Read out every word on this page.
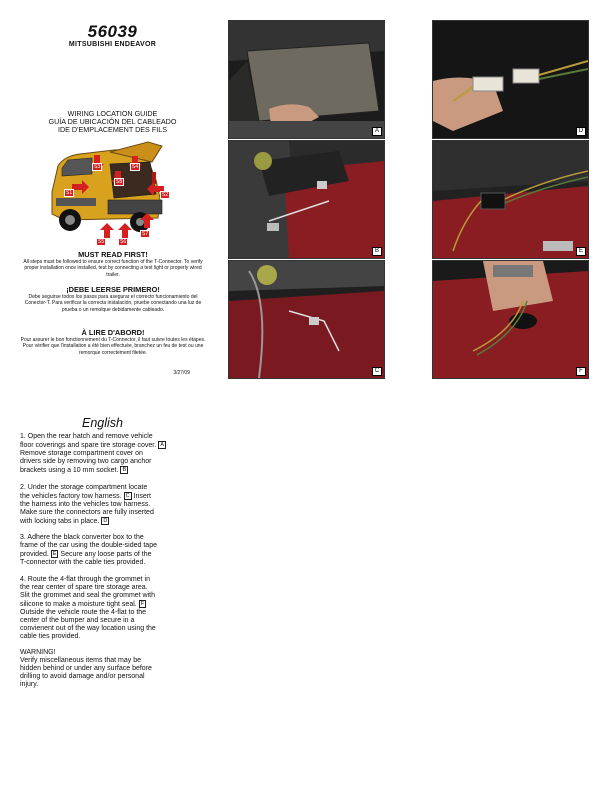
56039
MITSUBISHI ENDEAVOR
WIRING LOCATION GUIDE
GUÍA DE UBICACIÓN DEL CABLEADO
IDE D'EMPLACEMENT DES FILS
S3	S4
S8
S1	S2
S5	S6
S7
MUST READ FIRST!
All steps must be followed to ensure correct function of the T-Connector. To verify proper installation once installed, test by connecting a test light or properly wired trailer.
¡DEBE LEERSE PRIMERO!
Debe seguirse todos los pasos para asegurar el correcto funcionamiento del Conector-T. Para verificar la correcta instalación, pruebe conectando una luz de prueba o un remolque debidamente cableado.
À LIRE D'ABORD!
Pour assurer le bon fonctionnement du T-Connector, il faut suivre toutes les étapes. Pour vérifier que l'installation a été bien effectuée, branchez un feu de test ou une remorque correctement filetée.
3/27/09
English

1. Open the rear hatch and remove vehicle
floor coverings and spare tire storage cover. A
Remove storage compartment cover on
drivers side by removing two cargo anchor
brackets using a 10 mm socket. B

2. Under the storage compartment locate
the vehicles factory tow harness. C Insert
the harness into the vehicles tow harness.
Make sure the connectors are fully inserted
with locking tabs in place. D

3. Adhere the black converter box to the
frame of the car using the double-sided tape
provided. E Secure any loose parts of the
T-connector with the cable ties provided.

4. Route the 4-flat through the grommet in
the rear center of spare tire storage area.
Slit the grommet and seal the grommet with
silicone to make a moisture tight seal. F
Outside the vehicle route the 4-flat to the
center of the bumper and secure in a
convienent out of the way location using the
cable ties provided.

WARNING!
Verify miscellaneous items that may be
hidden behind or under any surface before
drilling to avoid damage and/or personal
injury.

A
B
C
D
E
F
